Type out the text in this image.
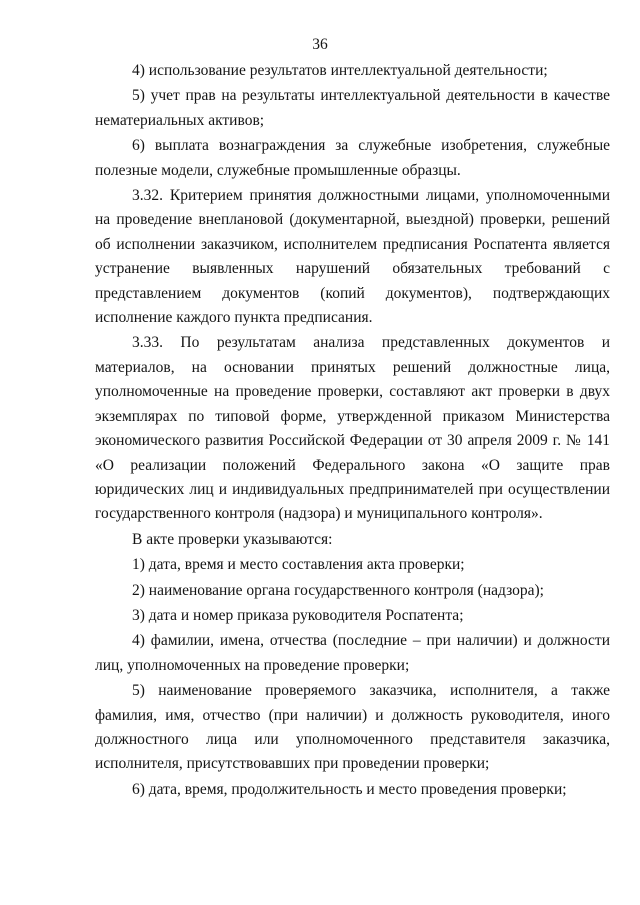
36

4) использование результатов интеллектуальной деятельности;

5) учет прав на результаты интеллектуальной деятельности в качестве нематериальных активов;

6) выплата вознаграждения за служебные изобретения, служебные полезные модели, служебные промышленные образцы.

3.32. Критерием принятия должностными лицами, уполномоченными на проведение внеплановой (документарной, выездной) проверки, решений об исполнении заказчиком, исполнителем предписания Роспатента является устранение выявленных нарушений обязательных требований с представлением документов (копий документов), подтверждающих исполнение каждого пункта предписания.

3.33. По результатам анализа представленных документов и материалов, на основании принятых решений должностные лица, уполномоченные на проведение проверки, составляют акт проверки в двух экземплярах по типовой форме, утвержденной приказом Министерства экономического развития Российской Федерации от 30 апреля 2009 г. № 141 «О реализации положений Федерального закона «О защите прав юридических лиц и индивидуальных предпринимателей при осуществлении государственного контроля (надзора) и муниципального контроля».

В акте проверки указываются:

1) дата, время и место составления акта проверки;

2) наименование органа государственного контроля (надзора);

3) дата и номер приказа руководителя Роспатента;

4) фамилии, имена, отчества (последние – при наличии) и должности лиц, уполномоченных на проведение проверки;

5) наименование проверяемого заказчика, исполнителя, а также фамилия, имя, отчество (при наличии) и должность руководителя, иного должностного лица или уполномоченного представителя заказчика, исполнителя, присутствовавших при проведении проверки;

6) дата, время, продолжительность и место проведения проверки;
